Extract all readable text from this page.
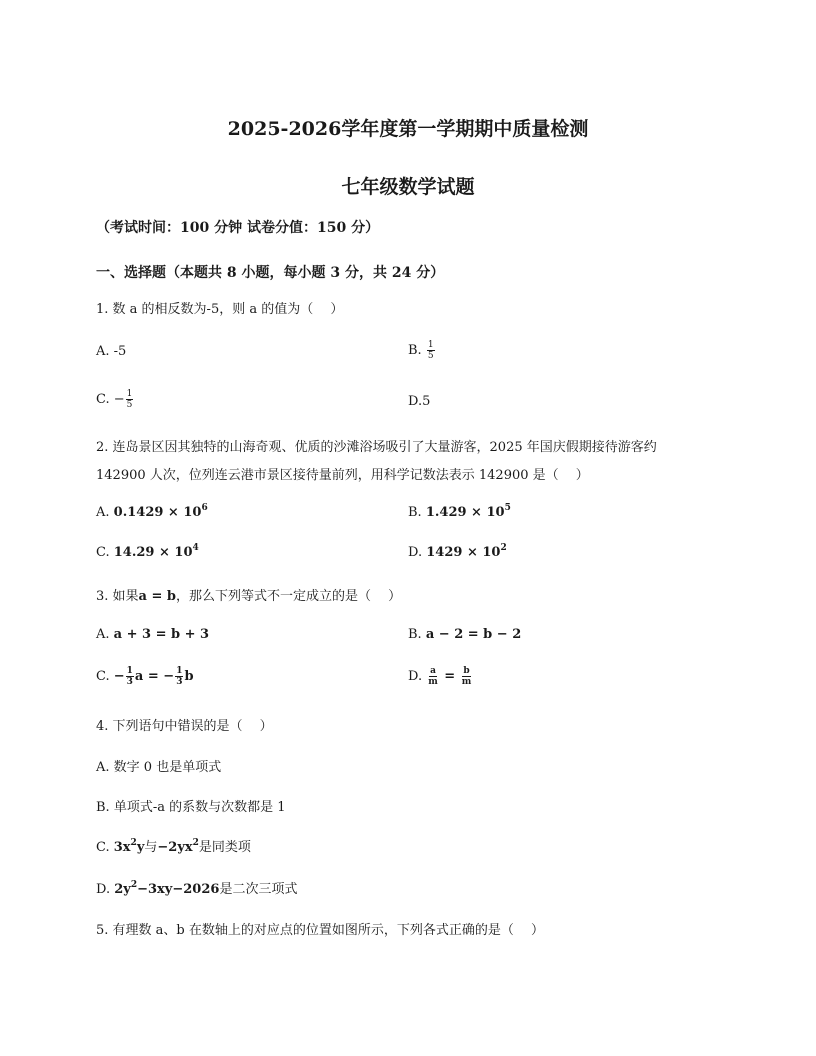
2025-2026学年度第一学期期中质量检测
七年级数学试题
（考试时间：100 分钟 试卷分值：150 分）
一、选择题（本题共 8 小题，每小题 3 分，共 24 分）
1. 数 a 的相反数为-5，则 a 的值为（　 ）
A. -5	B. $\frac{1}{5}$
C. − $\frac{1}{5}$	D.5
2. 连岛景区因其独特的山海奇观、优质的沙滩浴场吸引了大量游客，2025 年国庆假期接待游客约
142900 人次，位列连云港市景区接待量前列，用科学记数法表示 142900 是（　 ）
A. $0.1429 \times 10^6$	B. $1.429 \times 10^5$
C. $14.29 \times 10^4$	D. $1429 \times 10^2$
3. 如果a = b，那么下列等式不一定成立的是（　 ）
A. a + 3 = b + 3	B. a − 2 = b − 2
C. − $\frac{1}{3}$ a = − $\frac{1}{3}$ b	D. $\frac{a}{m} = \frac{b}{m}$
4. 下列语句中错误的是（　 ）
A. 数字 0 也是单项式
B. 单项式-a 的系数与次数都是 1
C. $3x^2y$与$-2yx^2$是同类项
D. $2y^2-3xy-2026$是二次三项式
5. 有理数 a、b 在数轴上的对应点的位置如图所示，下列各式正确的是（　 ）
